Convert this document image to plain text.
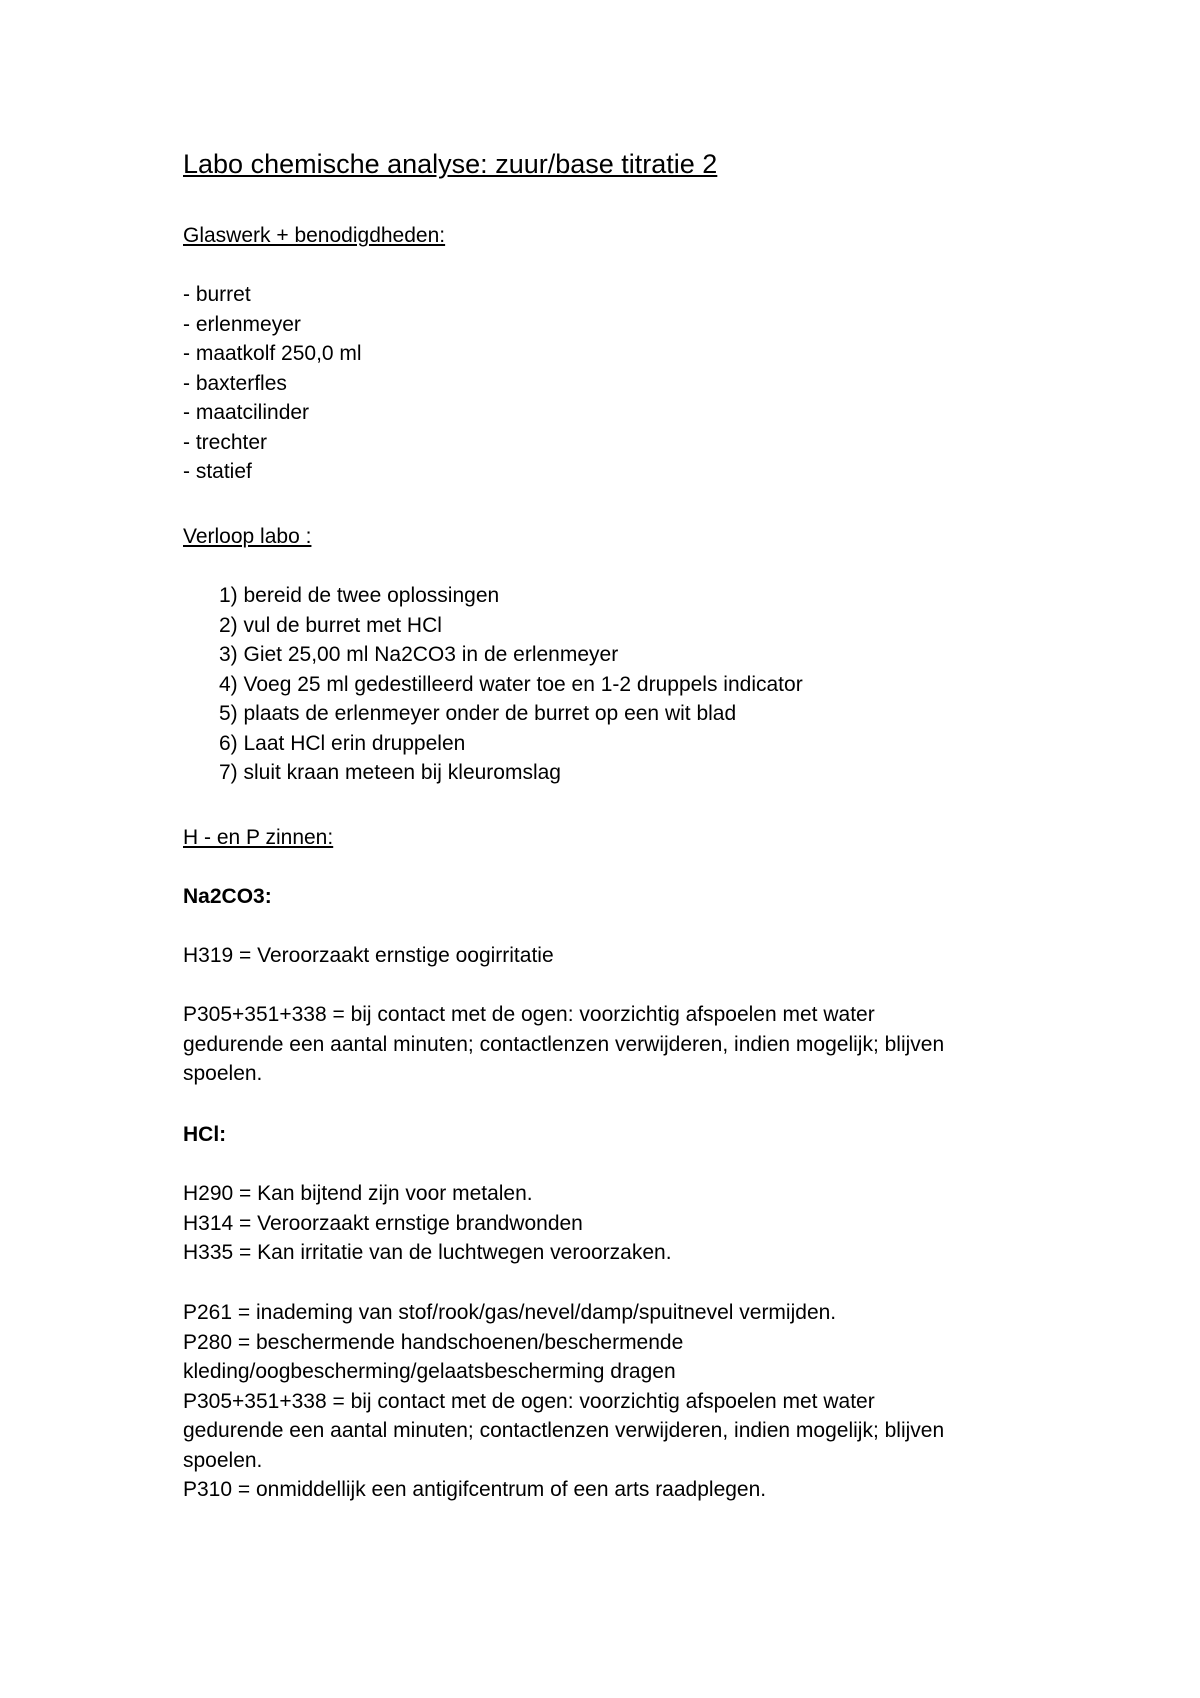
Labo chemische analyse: zuur/base titratie 2
Glaswerk + benodigdheden:
- burret
- erlenmeyer
- maatkolf 250,0 ml
- baxterfles
- maatcilinder
- trechter
- statief
Verloop labo :
1) bereid de twee oplossingen
2) vul de burret met HCl
3) Giet 25,00 ml Na2CO3 in de erlenmeyer
4) Voeg 25 ml gedestilleerd water toe en 1-2 druppels indicator
5) plaats de erlenmeyer onder de burret op een wit blad
6) Laat HCl erin druppelen
7) sluit kraan meteen bij kleuromslag
H - en P zinnen:
Na2CO3:
H319 = Veroorzaakt ernstige oogirritatie
P305+351+338 = bij contact met de ogen: voorzichtig afspoelen met water
gedurende een aantal minuten; contactlenzen verwijderen, indien mogelijk; blijven
spoelen.
HCl:
H290 = Kan bijtend zijn voor metalen.
H314 = Veroorzaakt ernstige brandwonden
H335 = Kan irritatie van de luchtwegen veroorzaken.
P261 = inademing van stof/rook/gas/nevel/damp/spuitnevel vermijden.
P280 = beschermende handschoenen/beschermende
kleding/oogbescherming/gelaatsbescherming dragen
P305+351+338 = bij contact met de ogen: voorzichtig afspoelen met water
gedurende een aantal minuten; contactlenzen verwijderen, indien mogelijk; blijven
spoelen.
P310 = onmiddellijk een antigifcentrum of een arts raadplegen.
